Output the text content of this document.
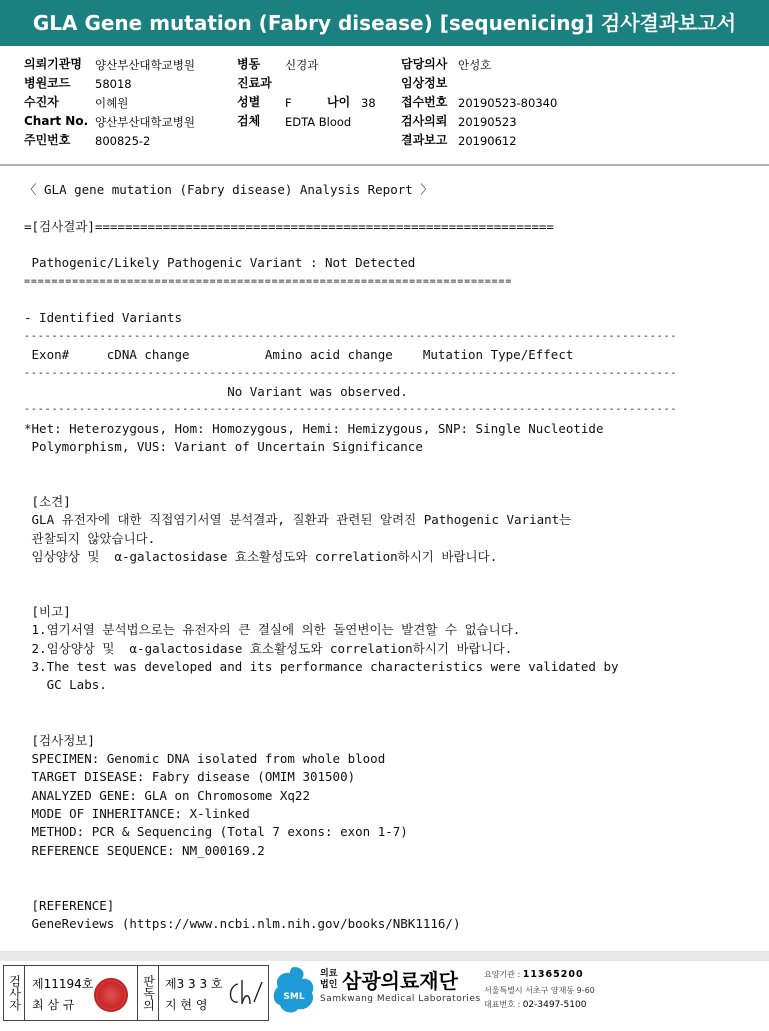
GLA Gene mutation (Fabry disease) [sequenicing] 검사결과보고서
의뢰기관명 양산부산대학교병원
병원코드 58018
수진자	이혜원
Chart No. 양산부산대학교병원
주민번호 800825-2
병동 신경과
진료과
성별 F
검체 EDTA Blood
나이 38
담당의사 안성호
임상정보
접수번호 20190523-80340
검사의뢰 20190523
결과보고 20190612
〈 GLA gene mutation (Fabry disease) Analysis Report 〉
=[검사결과]=============================================================
Pathogenic/Likely Pathogenic Variant : Not Detected
=======================================================================
- Identified Variants
-----------------------------------------------------------------------------------------------
Exon#     cDNA change          Amino acid change    Mutation Type/Effect
-----------------------------------------------------------------------------------------------
No Variant was observed.
-----------------------------------------------------------------------------------------------
*Het: Heterozygous, Hom: Homozygous, Hemi: Hemizygous, SNP: Single Nucleotide
Polymorphism, VUS: Variant of Uncertain Significance
[소견]
GLA 유전자에 대한 직접염기서열 분석결과, 질환과 관련된 알려진 Pathogenic Variant는
관찰되지 않았습니다.
임상양상 및  α-galactosidase 효소활성도와 correlation하시기 바랍니다.
[비고]
1.염기서열 분석법으로는 유전자의 큰 결실에 의한 돌연변이는 발견할 수 없습니다.
2.임상양상 및  α-galactosidase 효소활성도와 correlation하시기 바랍니다.
3.The test was developed and its performance characteristics were validated by
GC Labs.
[검사정보]
SPECIMEN: Genomic DNA isolated from whole blood
TARGET DISEASE: Fabry disease (OMIM 301500)
ANALYZED GENE: GLA on Chromosome Xq22
MODE OF INHERITANCE: X-linked
METHOD: PCR & Sequencing (Total 7 exons: exon 1-7)
REFERENCE SEQUENCE: NM_000169.2
[REFERENCE]
GeneReviews (https://www.ncbi.nlm.nih.gov/books/NBK1116/)
검사자 제11194호
최 삼 규	판독의 제3 3 3 호
지 현 영
SML
의료
법인 삼광의료재단
Samkwang Medical Laboratories
요양기관 : 11365200
서울특별시 서초구 양재동 9-60
대표번호 : 02-3497-5100
